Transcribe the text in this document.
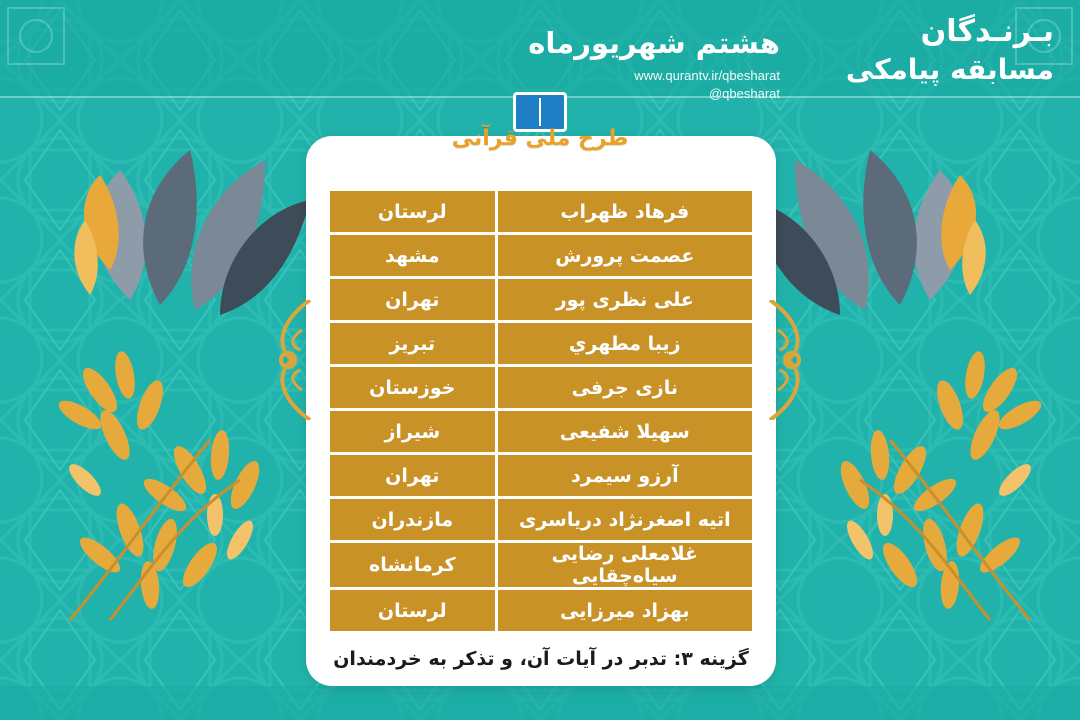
بـرنـدگان
مسابقه پیامکی
هشتم شهریورماه
www.qurantv.ir/qbesharat
@qbesharat
فرهاد ظهراب	لرستان
عصمت پرورش	مشهد
علی نظری پور	تهران
زیبا مطهري	تبریز
نازی جرفی	خوزستان
سهیلا شفیعی	شیراز
آرزو سیمرد	تهران
اتیه اصغرنژاد دریاسری	مازندران
غلامعلی رضایی سیاه‌چقایی	کرمانشاه
بهزاد میرزایی	لرستان
گزینه ۳: تدبر در آیات آن، و تذکر به خردمندان
طرح ملی قرآنی
